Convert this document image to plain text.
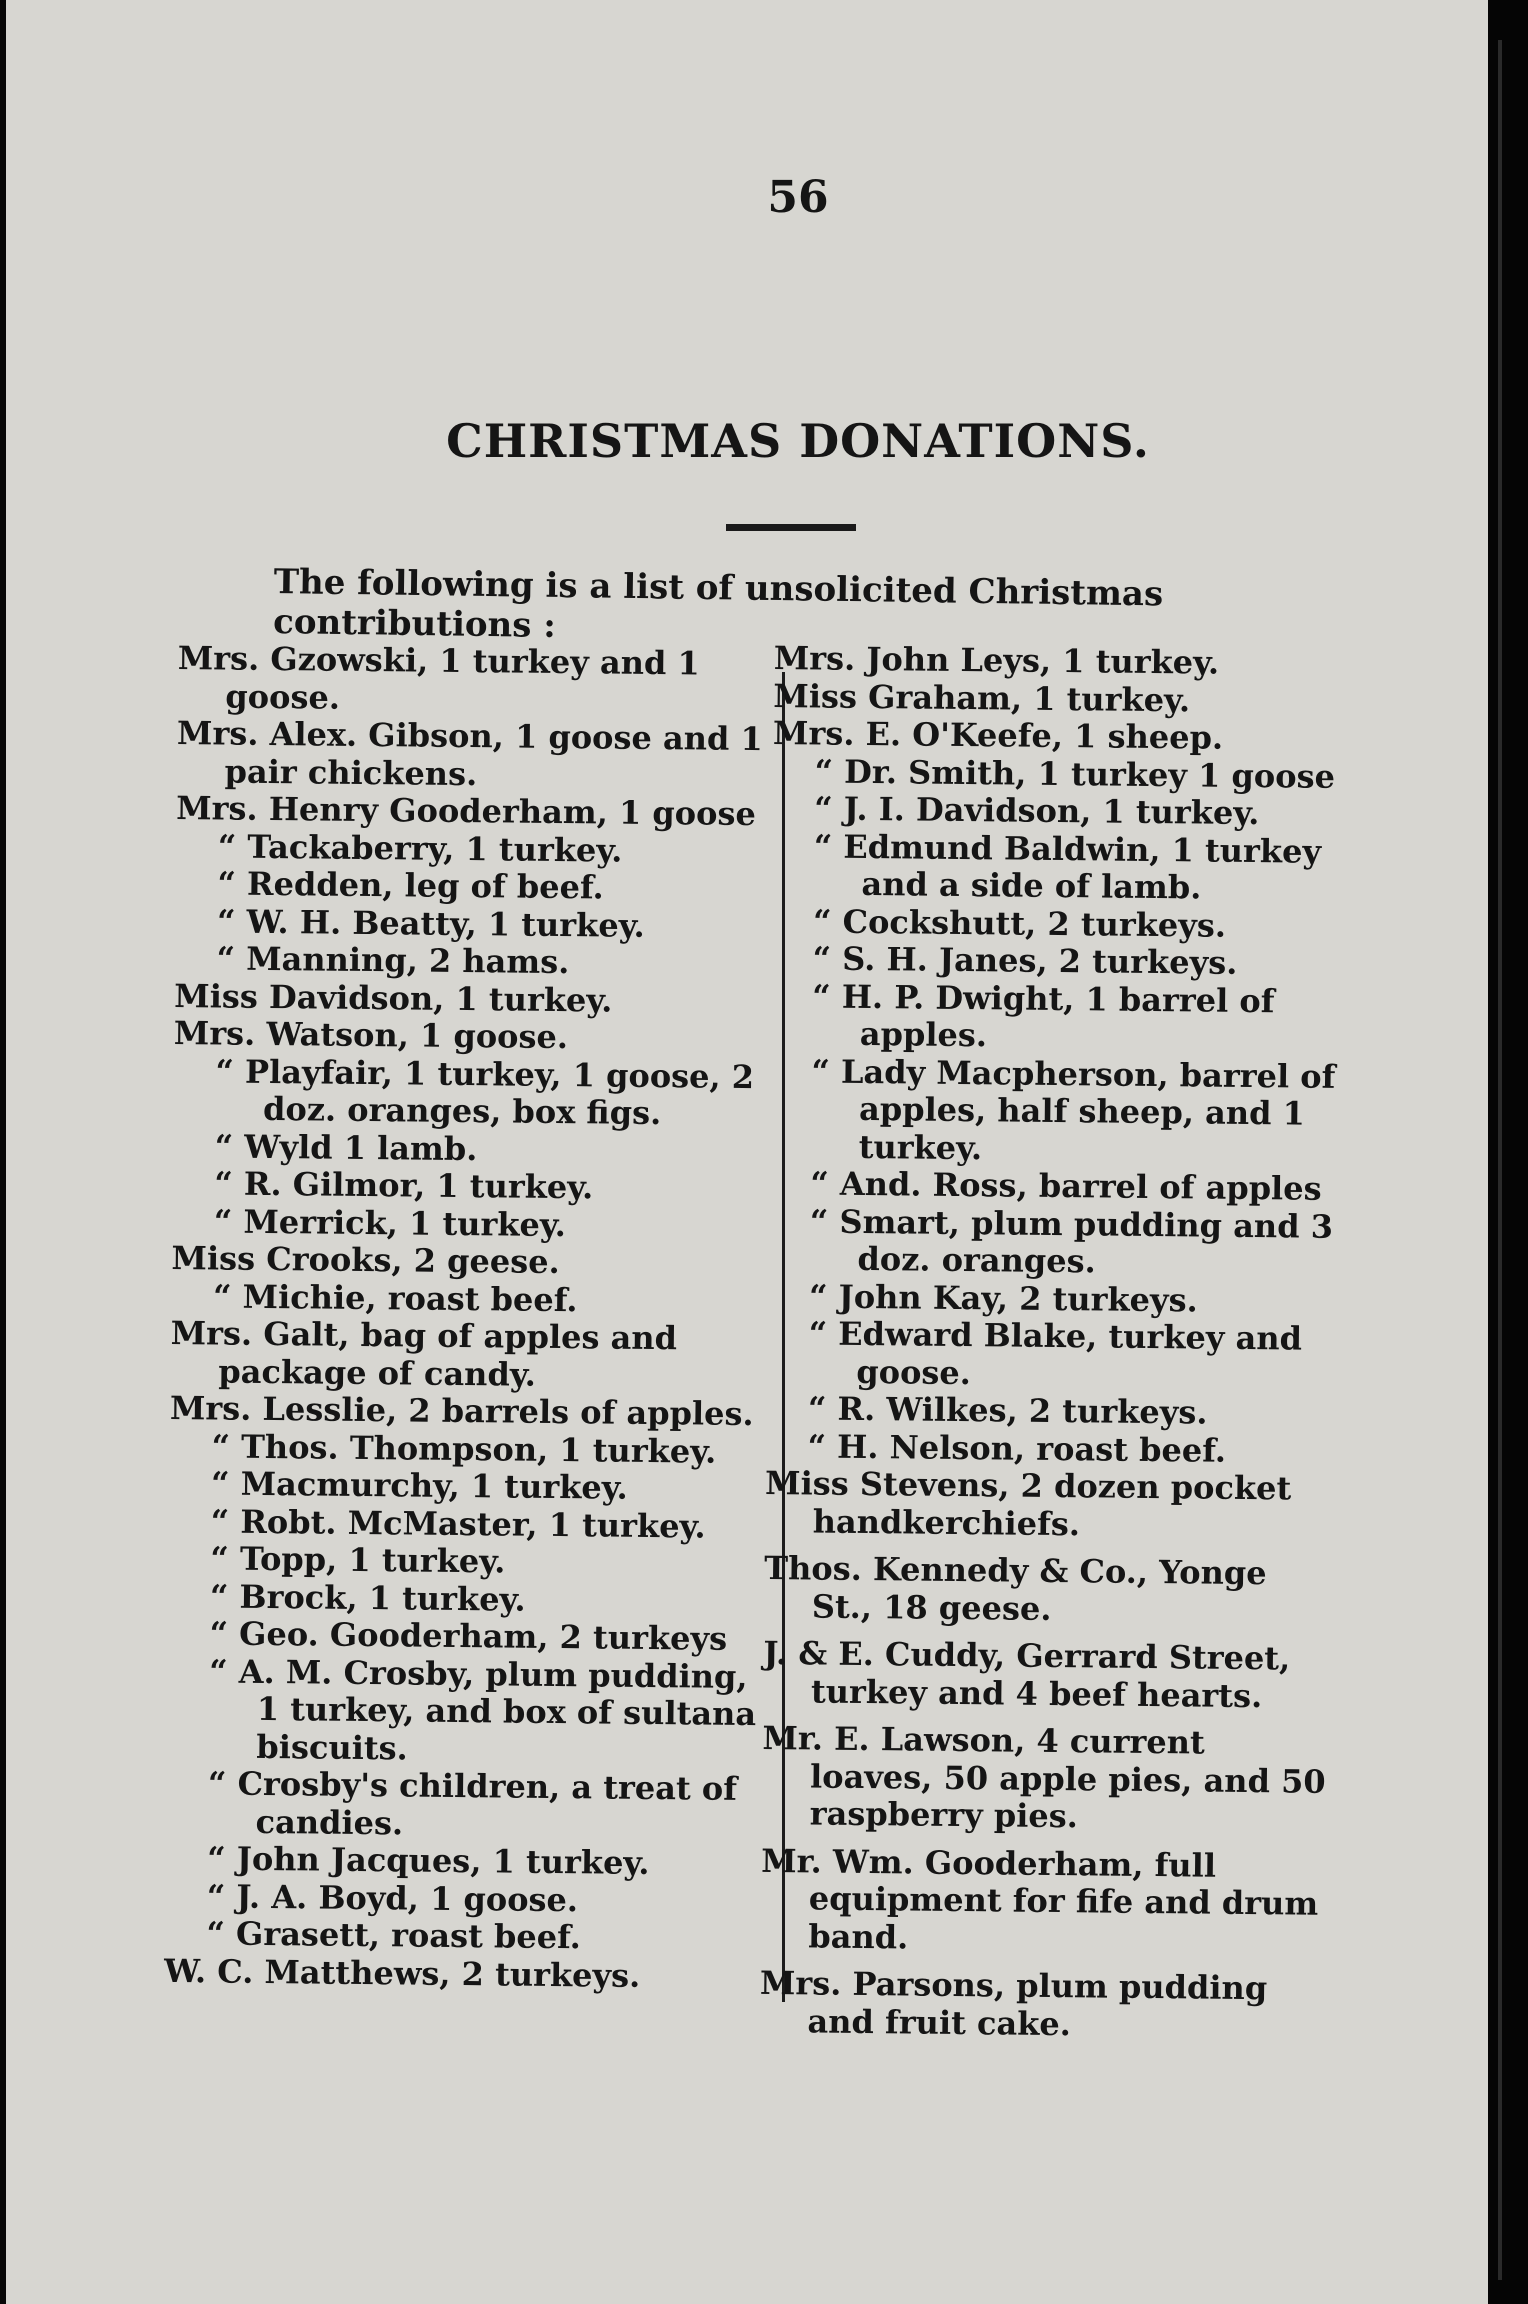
56
CHRISTMAS DONATIONS.
The following is a list of unsolicited Christmas contributions :

Mrs. Gzowski, 1 turkey and 1 goose.

Mrs. Alex. Gibson, 1 goose and 1 pair chickens.

Mrs. Henry Gooderham, 1 goose

“ Tackaberry, 1 turkey.

“ Redden, leg of beef.

“ W. H. Beatty, 1 turkey.

“ Manning, 2 hams.

Miss Davidson, 1 turkey.

Mrs. Watson, 1 goose.

“ Playfair, 1 turkey, 1 goose, 2 doz. oranges, box figs.

“ Wyld 1 lamb.

“ R. Gilmor, 1 turkey.

“ Merrick, 1 turkey.

Miss Crooks, 2 geese.

“ Michie, roast beef.

Mrs. Galt, bag of apples and package of candy.

Mrs. Lesslie, 2 barrels of apples.

“ Thos. Thompson, 1 turkey.

“ Macmurchy, 1 turkey.

“ Robt. McMaster, 1 turkey.

“ Topp, 1 turkey.

“ Brock, 1 turkey.

“ Geo. Gooderham, 2 turkeys

“ A. M. Crosby, plum pudding, 1 turkey, and box of sultana biscuits.

“ Crosby's children, a treat of candies.

“ John Jacques, 1 turkey.

“ J. A. Boyd, 1 goose.

“ Grasett, roast beef.

W. C. Matthews, 2 turkeys.

Mrs. John Leys, 1 turkey.

Miss Graham, 1 turkey.

Mrs. E. O'Keefe, 1 sheep.

“ Dr. Smith, 1 turkey 1 goose

“ J. I. Davidson, 1 turkey.

“ Edmund Baldwin, 1 turkey and a side of lamb.

“ Cockshutt, 2 turkeys.

“ S. H. Janes, 2 turkeys.

“ H. P. Dwight, 1 barrel of apples.

“ Lady Macpherson, barrel of apples, half sheep, and 1 turkey.

“ And. Ross, barrel of apples

“ Smart, plum pudding and 3 doz. oranges.

“ John Kay, 2 turkeys.

“ Edward Blake, turkey and goose.

“ R. Wilkes, 2 turkeys.

“ H. Nelson, roast beef.

Miss Stevens, 2 dozen pocket handkerchiefs.

Thos. Kennedy & Co., Yonge St., 18 geese.

J. & E. Cuddy, Gerrard Street, turkey and 4 beef hearts.

Mr. E. Lawson, 4 current loaves, 50 apple pies, and 50 raspberry pies.

Mr. Wm. Gooderham, full equipment for fife and drum band.

Mrs. Parsons, plum pudding and fruit cake.
